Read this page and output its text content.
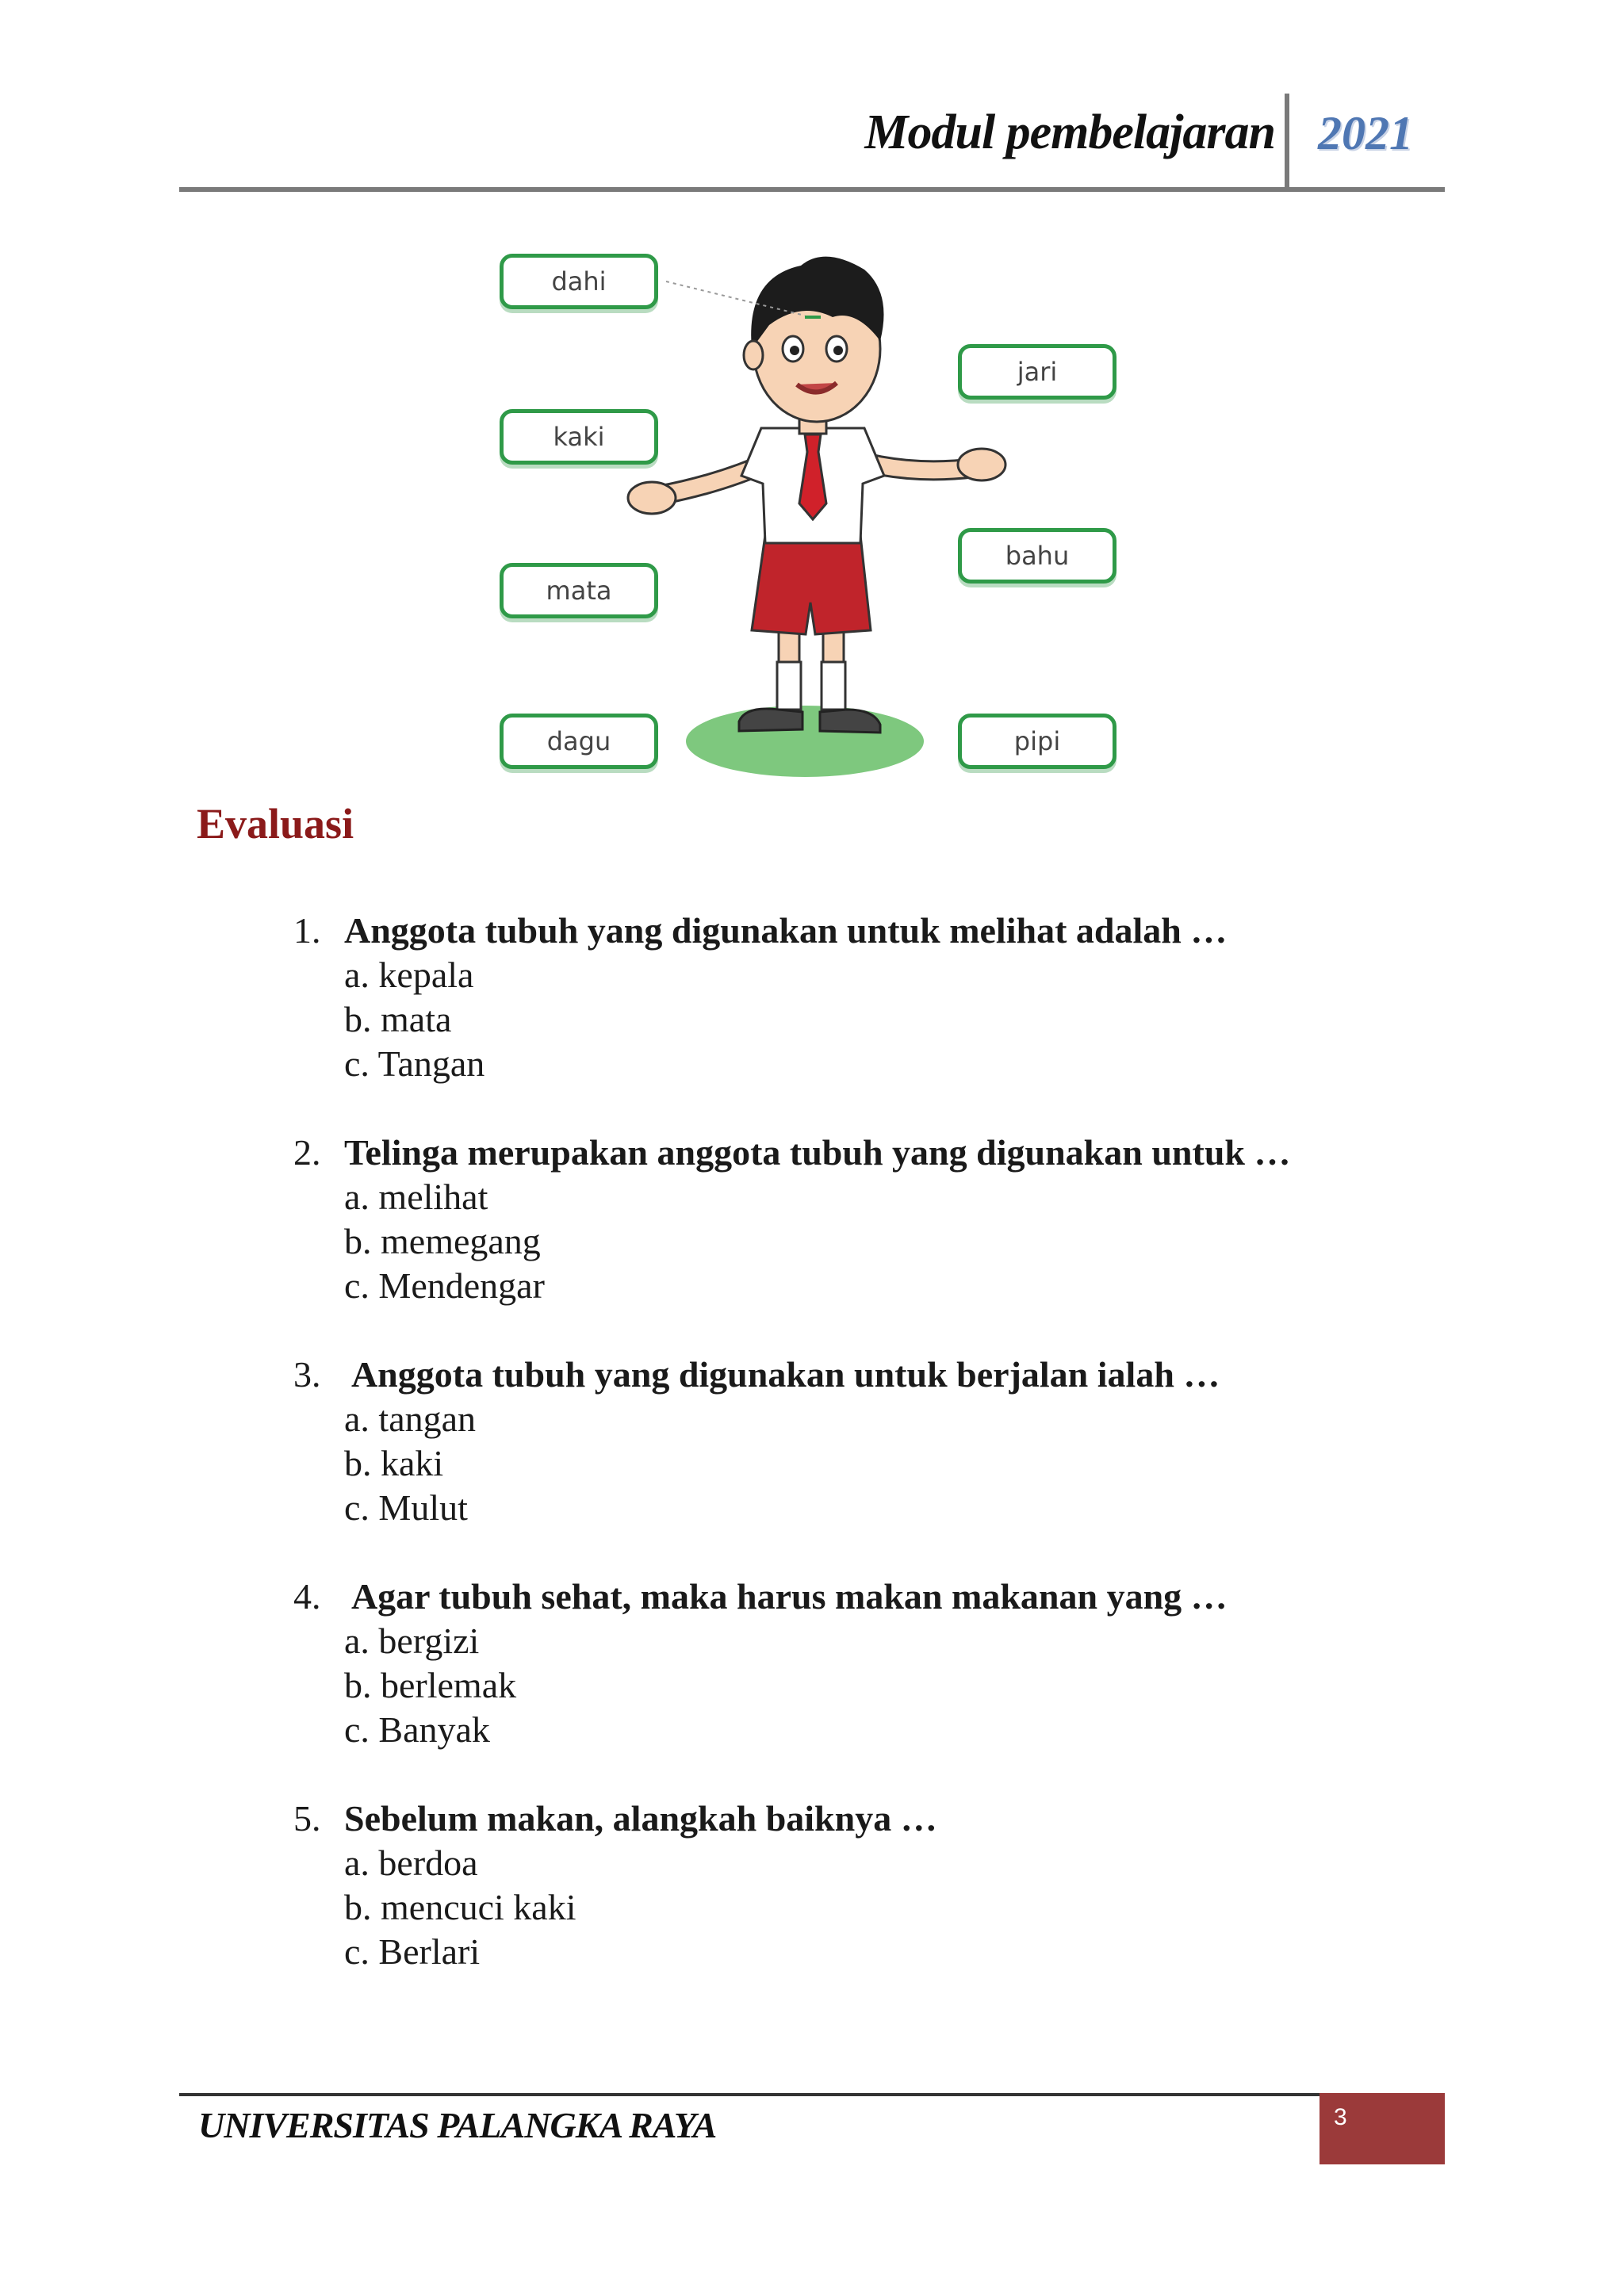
Modul pembelajaran 2021
dahi
kaki
mata
dagu
jari
bahu
pipi
Evaluasi
1. Anggota tubuh yang digunakan untuk melihat adalah …
a. kepala
b. mata
c. Tangan
2. Telinga merupakan anggota tubuh yang digunakan untuk …
a. melihat
b. memegang
c. Mendengar
3. Anggota tubuh yang digunakan untuk berjalan ialah …
a. tangan
b. kaki
c. Mulut
4. Agar tubuh sehat, maka harus makan makanan yang …
a. bergizi
b. berlemak
c. Banyak
5. Sebelum makan, alangkah baiknya …
a. berdoa
b. mencuci kaki
c. Berlari
UNIVERSITAS PALANGKA RAYA	3
